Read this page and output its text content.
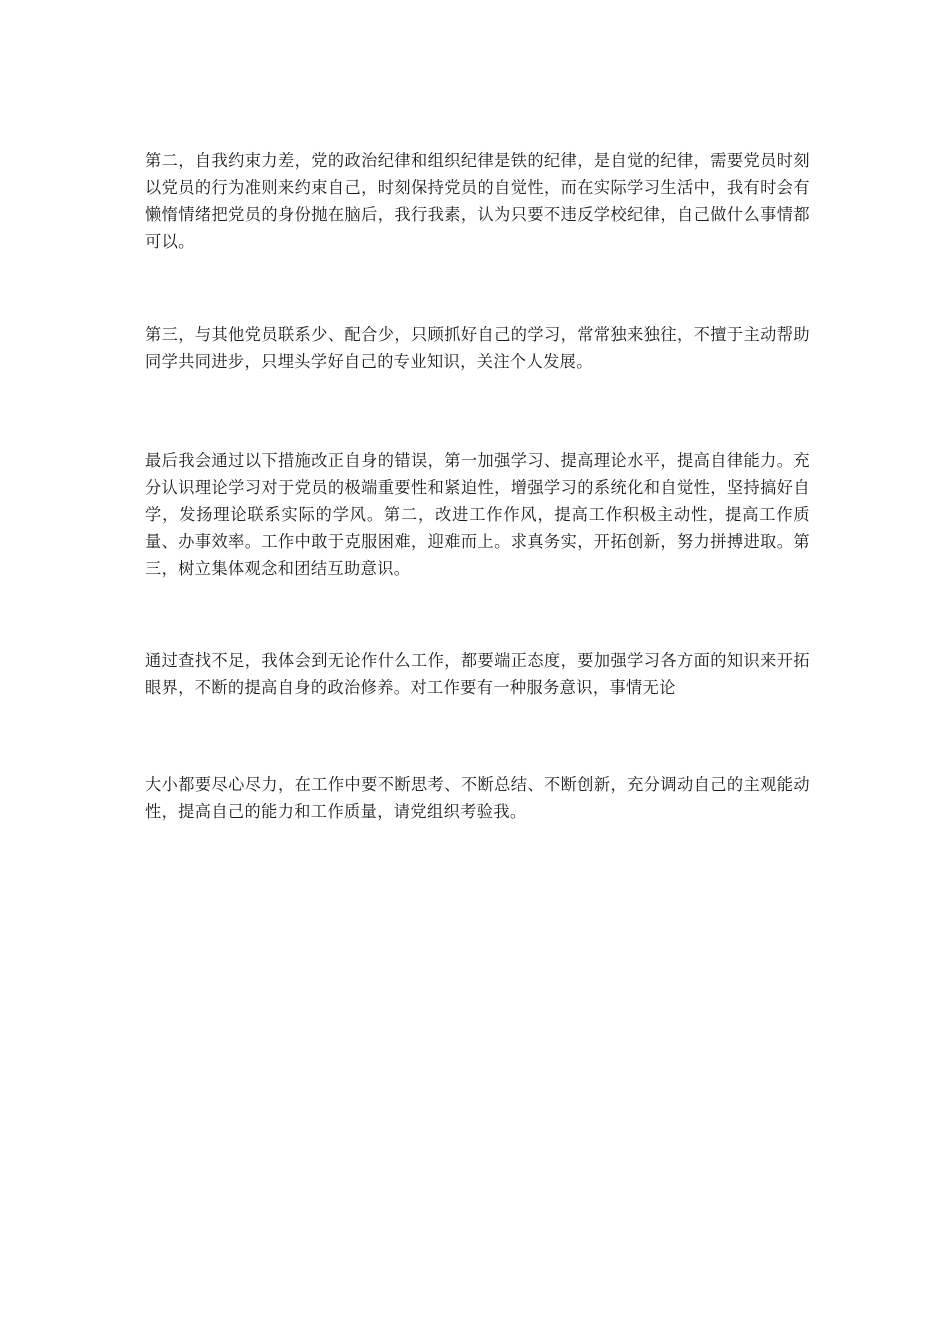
第二，自我约束力差，党的政治纪律和组织纪律是铁的纪律，是自觉的纪律，需要党员时刻以党员的行为准则来约束自己，时刻保持党员的自觉性，而在实际学习生活中，我有时会有懒惰情绪把党员的身份抛在脑后，我行我素，认为只要不违反学校纪律，自己做什么事情都可以。

第三，与其他党员联系少、配合少，只顾抓好自己的学习，常常独来独往，不擅于主动帮助同学共同进步，只埋头学好自己的专业知识，关注个人发展。

最后我会通过以下措施改正自身的错误，第一加强学习、提高理论水平，提高自律能力。充分认识理论学习对于党员的极端重要性和紧迫性，增强学习的系统化和自觉性，坚持搞好自学，发扬理论联系实际的学风。第二，改进工作作风，提高工作积极主动性，提高工作质量、办事效率。工作中敢于克服困难，迎难而上。求真务实，开拓创新，努力拼搏进取。第三，树立集体观念和团结互助意识。

通过查找不足，我体会到无论作什么工作，都要端正态度，要加强学习各方面的知识来开拓眼界，不断的提高自身的政治修养。对工作要有一种服务意识，事情无论

大小都要尽心尽力，在工作中要不断思考、不断总结、不断创新，充分调动自己的主观能动性，提高自己的能力和工作质量，请党组织考验我。
